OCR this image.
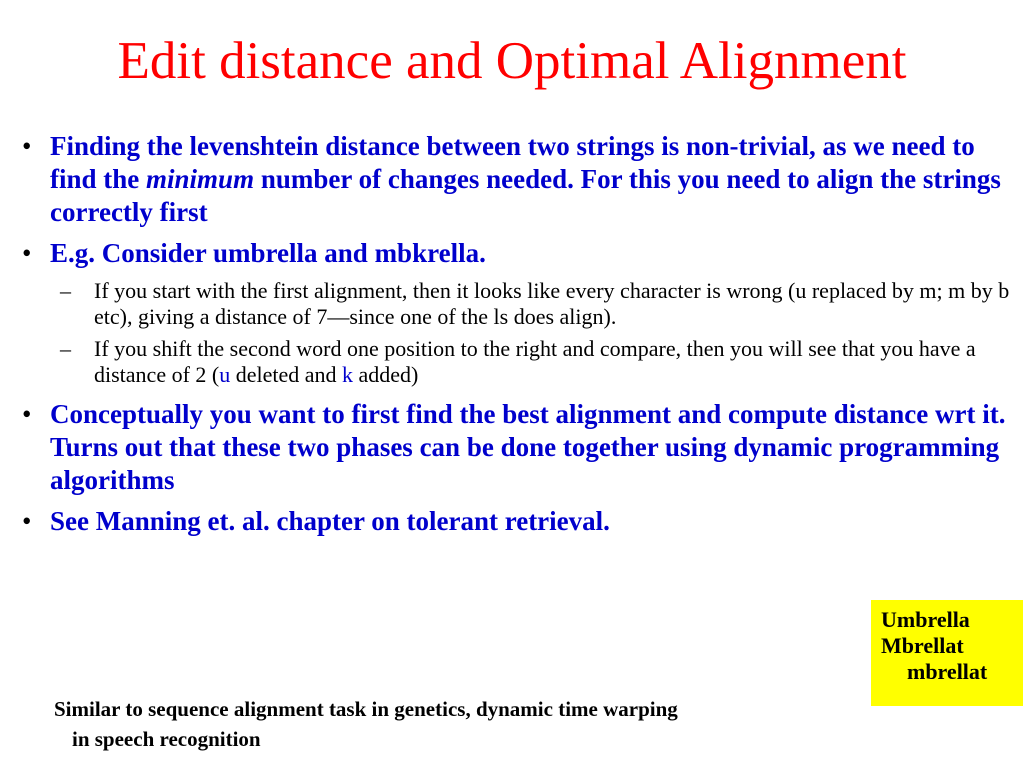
Edit distance and Optimal Alignment
• Finding the levenshtein distance between two strings is non-trivial, as we need to find the minimum number of changes needed. For this you need to align the strings correctly first
• E.g. Consider umbrella and mbkrella.
– If you start with the first alignment, then it looks like every character is wrong (u replaced by m; m by b etc), giving a distance of 7—since one of the ls does align).
– If you shift the second word one position to the right and compare, then you will see that you have a distance of 2 (u deleted and k added)
• Conceptually you want to first find the best alignment and compute distance wrt it. Turns out that these two phases can be done together using dynamic programming algorithms
• See Manning et. al. chapter on tolerant retrieval.
Umbrella
Mbrellat
mbrellat
Similar to sequence alignment task in genetics, dynamic time warping
in speech recognition
